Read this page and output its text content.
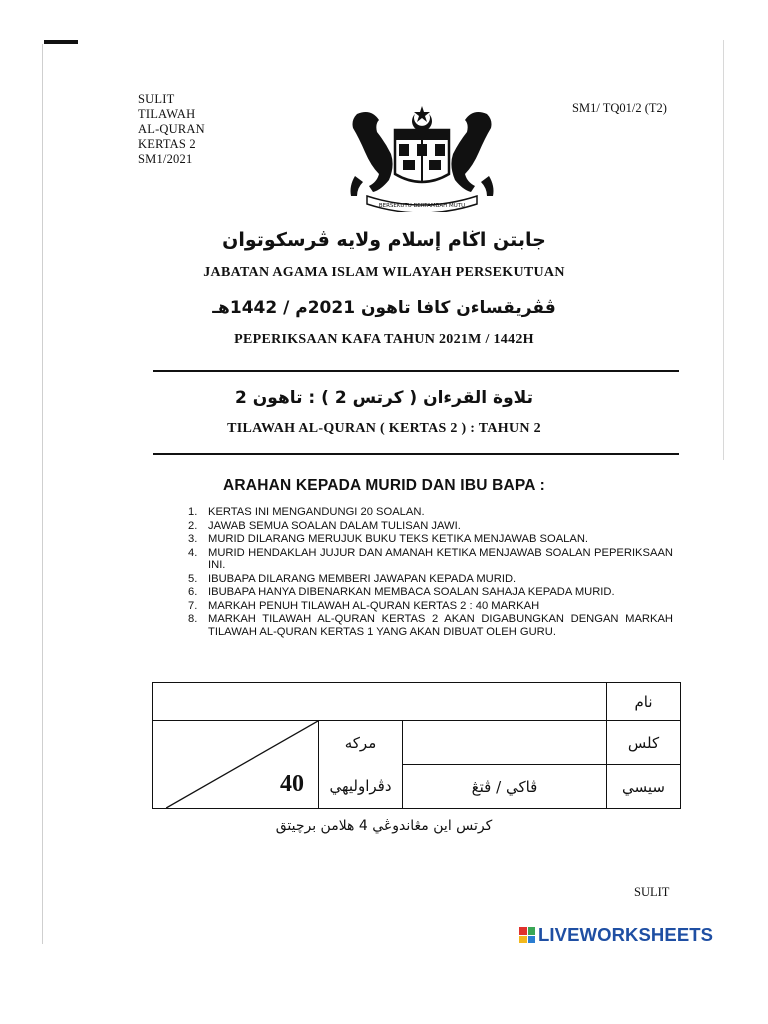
SULIT
TILAWAH
AL-QURAN
KERTAS 2
SM1/2021
SM1/ TQ01/2 (T2)
BERSEKUTU BERTAMBAH MUTU
جابتن اڬام إسلام ولايه ڤرسکوتوان
JABATAN AGAMA ISLAM WILAYAH PERSEKUTUAN
ڤڤريقسا‌ءن کافا تاهون 2021م / 1442هـ
PEPERIKSAAN KAFA TAHUN 2021M / 1442H
تلاوة القرءان ( کرتس 2 ) : تاهون 2
TILAWAH AL-QURAN ( KERTAS 2 ) : TAHUN 2
ARAHAN KEPADA MURID DAN IBU BAPA :
1. KERTAS INI MENGANDUNGI 20 SOALAN.
2. JAWAB SEMUA SOALAN DALAM TULISAN JAWI.
3. MURID DILARANG MERUJUK BUKU TEKS KETIKA MENJAWAB SOALAN.
4. MURID HENDAKLAH JUJUR DAN AMANAH KETIKA MENJAWAB SOALAN PEPERIKSAAN INI.
5. IBUBAPA DILARANG MEMBERI JAWAPAN KEPADA MURID.
6. IBUBAPA HANYA DIBENARKAN MEMBACA SOALAN SAHAJA KEPADA MURID.
7. MARKAH PENUH TILAWAH AL-QURAN KERTAS 2 : 40 MARKAH
8. MARKAH TILAWAH AL-QURAN KERTAS 2 AKAN DIGABUNGKAN DENGAN MARKAH TILAWAH AL-QURAN KERTAS 1 YANG AKAN DIBUAT OLEH GURU.
			نام

40	مرکه		کلس
	دڤراوليهي	ڤاکي / ڤتڠ	سيسي
کرتس اين مڠاندوڠي 4 هلامن برچيتق
SULIT
LIVEWORKSHEETS
